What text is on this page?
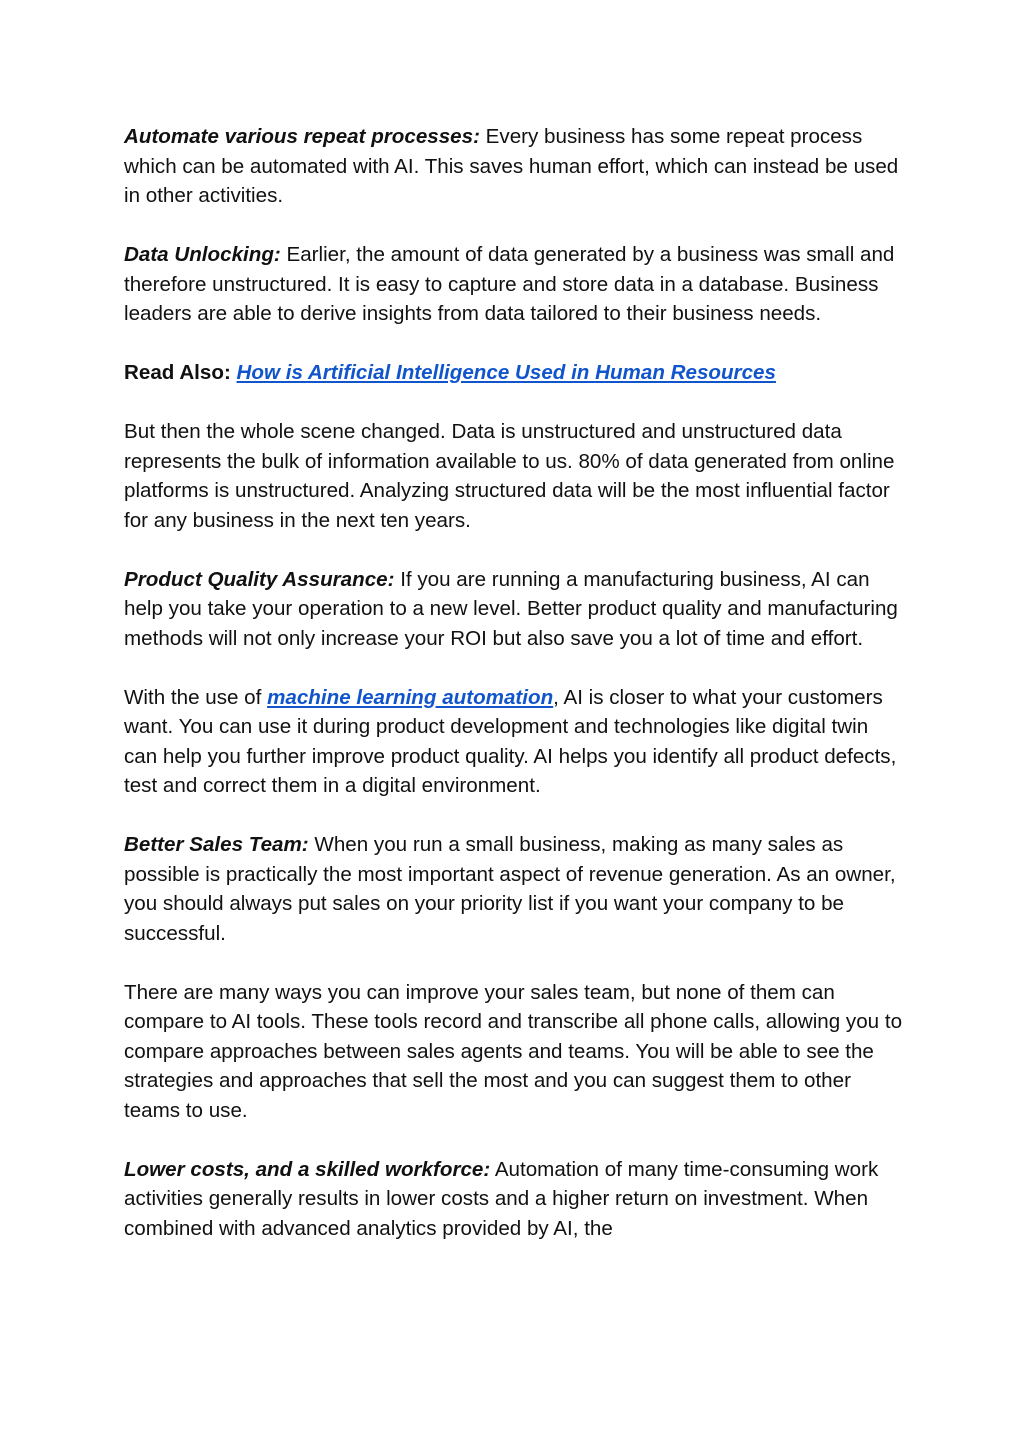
Automate various repeat processes: Every business has some repeat process which can be automated with AI. This saves human effort, which can instead be used in other activities.

Data Unlocking: Earlier, the amount of data generated by a business was small and therefore unstructured. It is easy to capture and store data in a database. Business leaders are able to derive insights from data tailored to their business needs.

Read Also: How is Artificial Intelligence Used in Human Resources

But then the whole scene changed. Data is unstructured and unstructured data represents the bulk of information available to us. 80% of data generated from online platforms is unstructured. Analyzing structured data will be the most influential factor for any business in the next ten years.

Product Quality Assurance: If you are running a manufacturing business, AI can help you take your operation to a new level. Better product quality and manufacturing methods will not only increase your ROI but also save you a lot of time and effort.

With the use of machine learning automation, AI is closer to what your customers want. You can use it during product development and technologies like digital twin can help you further improve product quality. AI helps you identify all product defects, test and correct them in a digital environment.

Better Sales Team: When you run a small business, making as many sales as possible is practically the most important aspect of revenue generation. As an owner, you should always put sales on your priority list if you want your company to be successful.

There are many ways you can improve your sales team, but none of them can compare to AI tools. These tools record and transcribe all phone calls, allowing you to compare approaches between sales agents and teams. You will be able to see the strategies and approaches that sell the most and you can suggest them to other teams to use.

Lower costs, and a skilled workforce: Automation of many time-consuming work activities generally results in lower costs and a higher return on investment. When combined with advanced analytics provided by AI, the
